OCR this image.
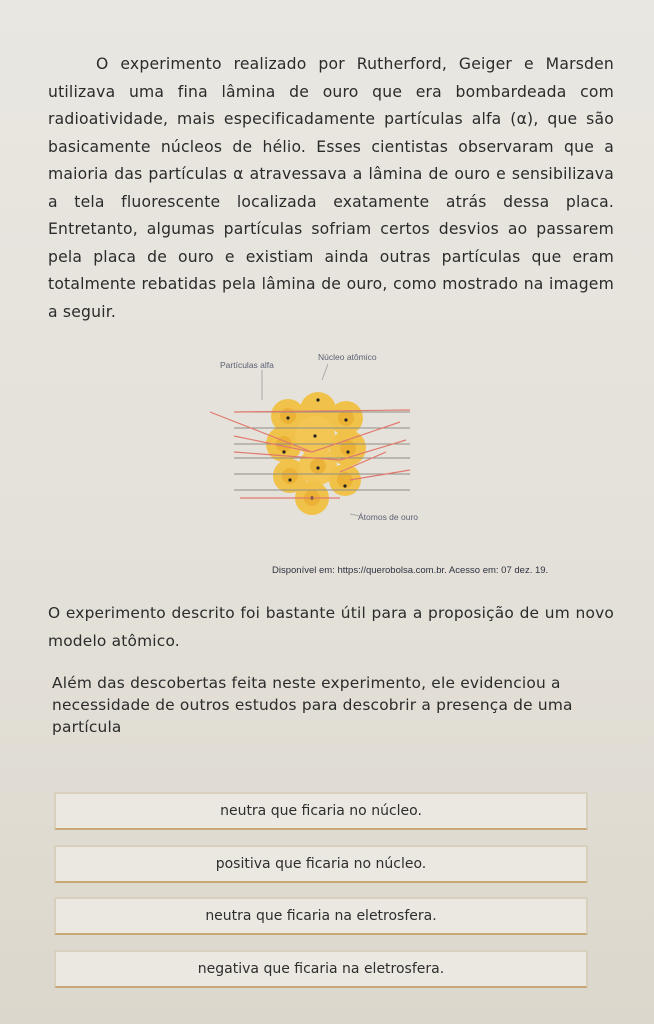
O experimento realizado por Rutherford, Geiger e Marsden utilizava uma fina lâmina de ouro que era bombardeada com radioatividade, mais especificadamente partículas alfa (α), que são basicamente núcleos de hélio. Esses cientistas observaram que a maioria das partículas α atravessava a lâmina de ouro e sensibilizava a tela fluorescente localizada exatamente atrás dessa placa. Entretanto, algumas partículas sofriam certos desvios ao passarem pela placa de ouro e existiam ainda outras partículas que eram totalmente rebatidas pela lâmina de ouro, como mostrado na imagem a seguir.
Partículas alfa
Núcleo atômico
Átomos de ouro
Disponível em: https://querobolsa.com.br. Acesso em: 07 dez. 19.
O experimento descrito foi bastante útil para a proposição de um novo modelo atômico.
Além das descobertas feita neste experimento, ele evidenciou a necessidade de outros estudos para descobrir a presença de uma partícula
neutra que ficaria no núcleo.
positiva que ficaria no núcleo.
neutra que ficaria na eletrosfera.
negativa que ficaria na eletrosfera.
